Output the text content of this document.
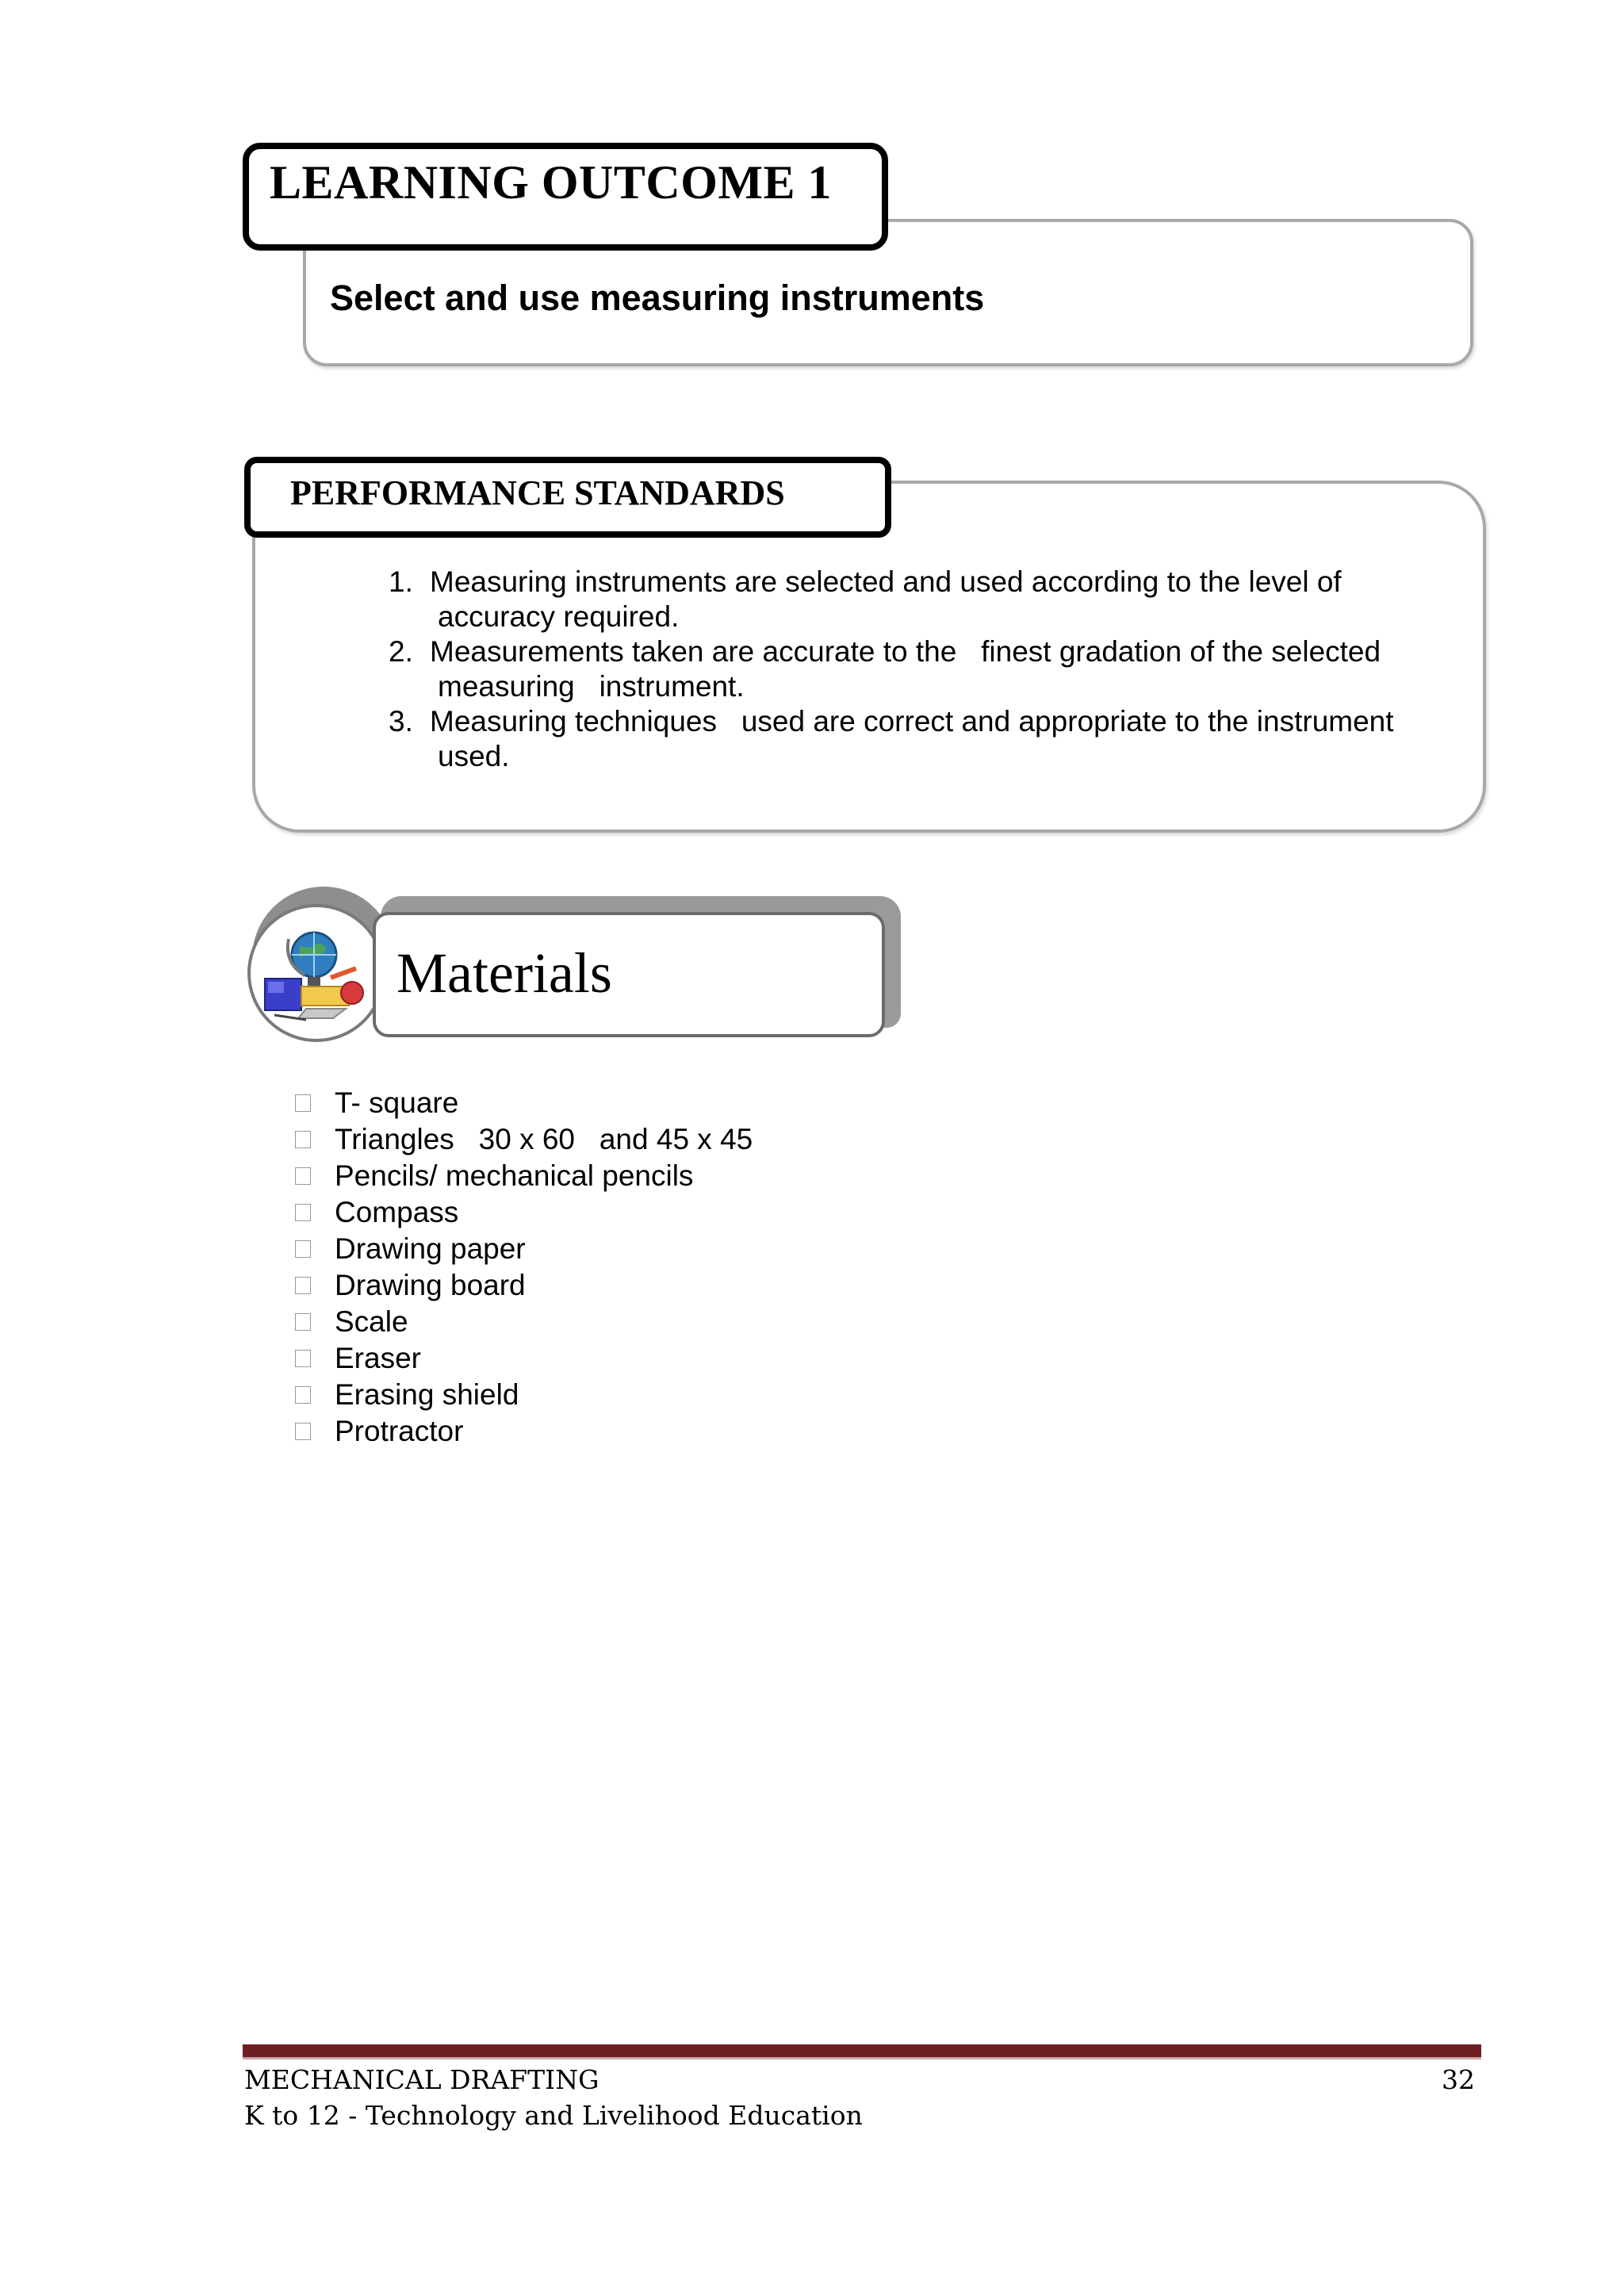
LEARNING OUTCOME 1
Select and use measuring instruments
PERFORMANCE STANDARDS
1. Measuring instruments are selected and used according to the level of
accuracy required.
2. Measurements taken are accurate to the   finest gradation of the selected
measuring   instrument.
3. Measuring techniques   used are correct and appropriate to the instrument
used.
Materials
T- square
Triangles   30 x 60   and 45 x 45
Pencils/ mechanical pencils
Compass
Drawing paper
Drawing board
Scale
Eraser
Erasing shield
Protractor
MECHANICAL DRAFTING
K to 12 - Technology and Livelihood Education
32
